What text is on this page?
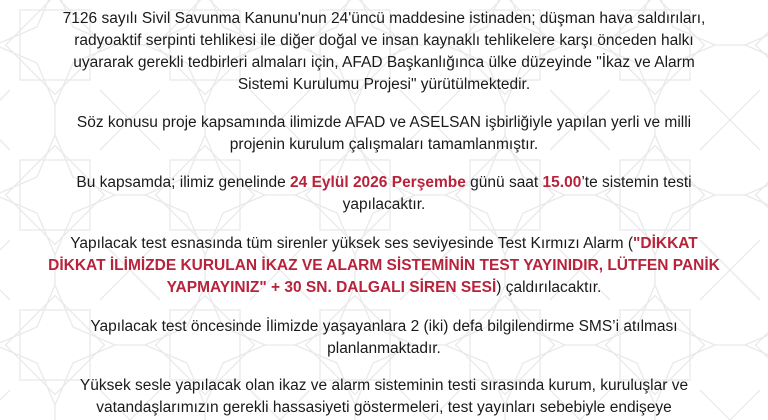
7126 sayılı Sivil Savunma Kanunu'nun 24'üncü maddesine istinaden; düşman hava saldırıları,
radyoaktif serpinti tehlikesi ile diğer doğal ve insan kaynaklı tehlikelere karşı önceden halkı
uyararak gerekli tedbirleri almaları için, AFAD Başkanlığınca ülke düzeyinde "İkaz ve Alarm
Sistemi Kurulumu Projesi" yürütülmektedir.

Söz konusu proje kapsamında ilimizde AFAD ve ASELSAN işbirliğiyle yapılan yerli ve milli
projenin kurulum çalışmaları tamamlanmıştır.

Bu kapsamda; ilimiz genelinde 24 Eylül 2026 Perşembe günü saat 15.00’te sistemin testi
yapılacaktır.

Yapılacak test esnasında tüm sirenler yüksek ses seviyesinde Test Kırmızı Alarm ("DİKKAT
DİKKAT İLİMİZDE KURULAN İKAZ VE ALARM SİSTEMİNİN TEST YAYINIDIR, LÜTFEN PANİK
YAPMAYINIZ" + 30 SN. DALGALI SİREN SESİ) çaldırılacaktır.

Yapılacak test öncesinde İlimizde yaşayanlara 2 (iki) defa bilgilendirme SMS’i atılması
planlanmaktadır.

Yüksek sesle yapılacak olan ikaz ve alarm sisteminin testi sırasında kurum, kuruluşlar ve
vatandaşlarımızın gerekli hassasiyeti göstermeleri, test yayınları sebebiyle endişeye
